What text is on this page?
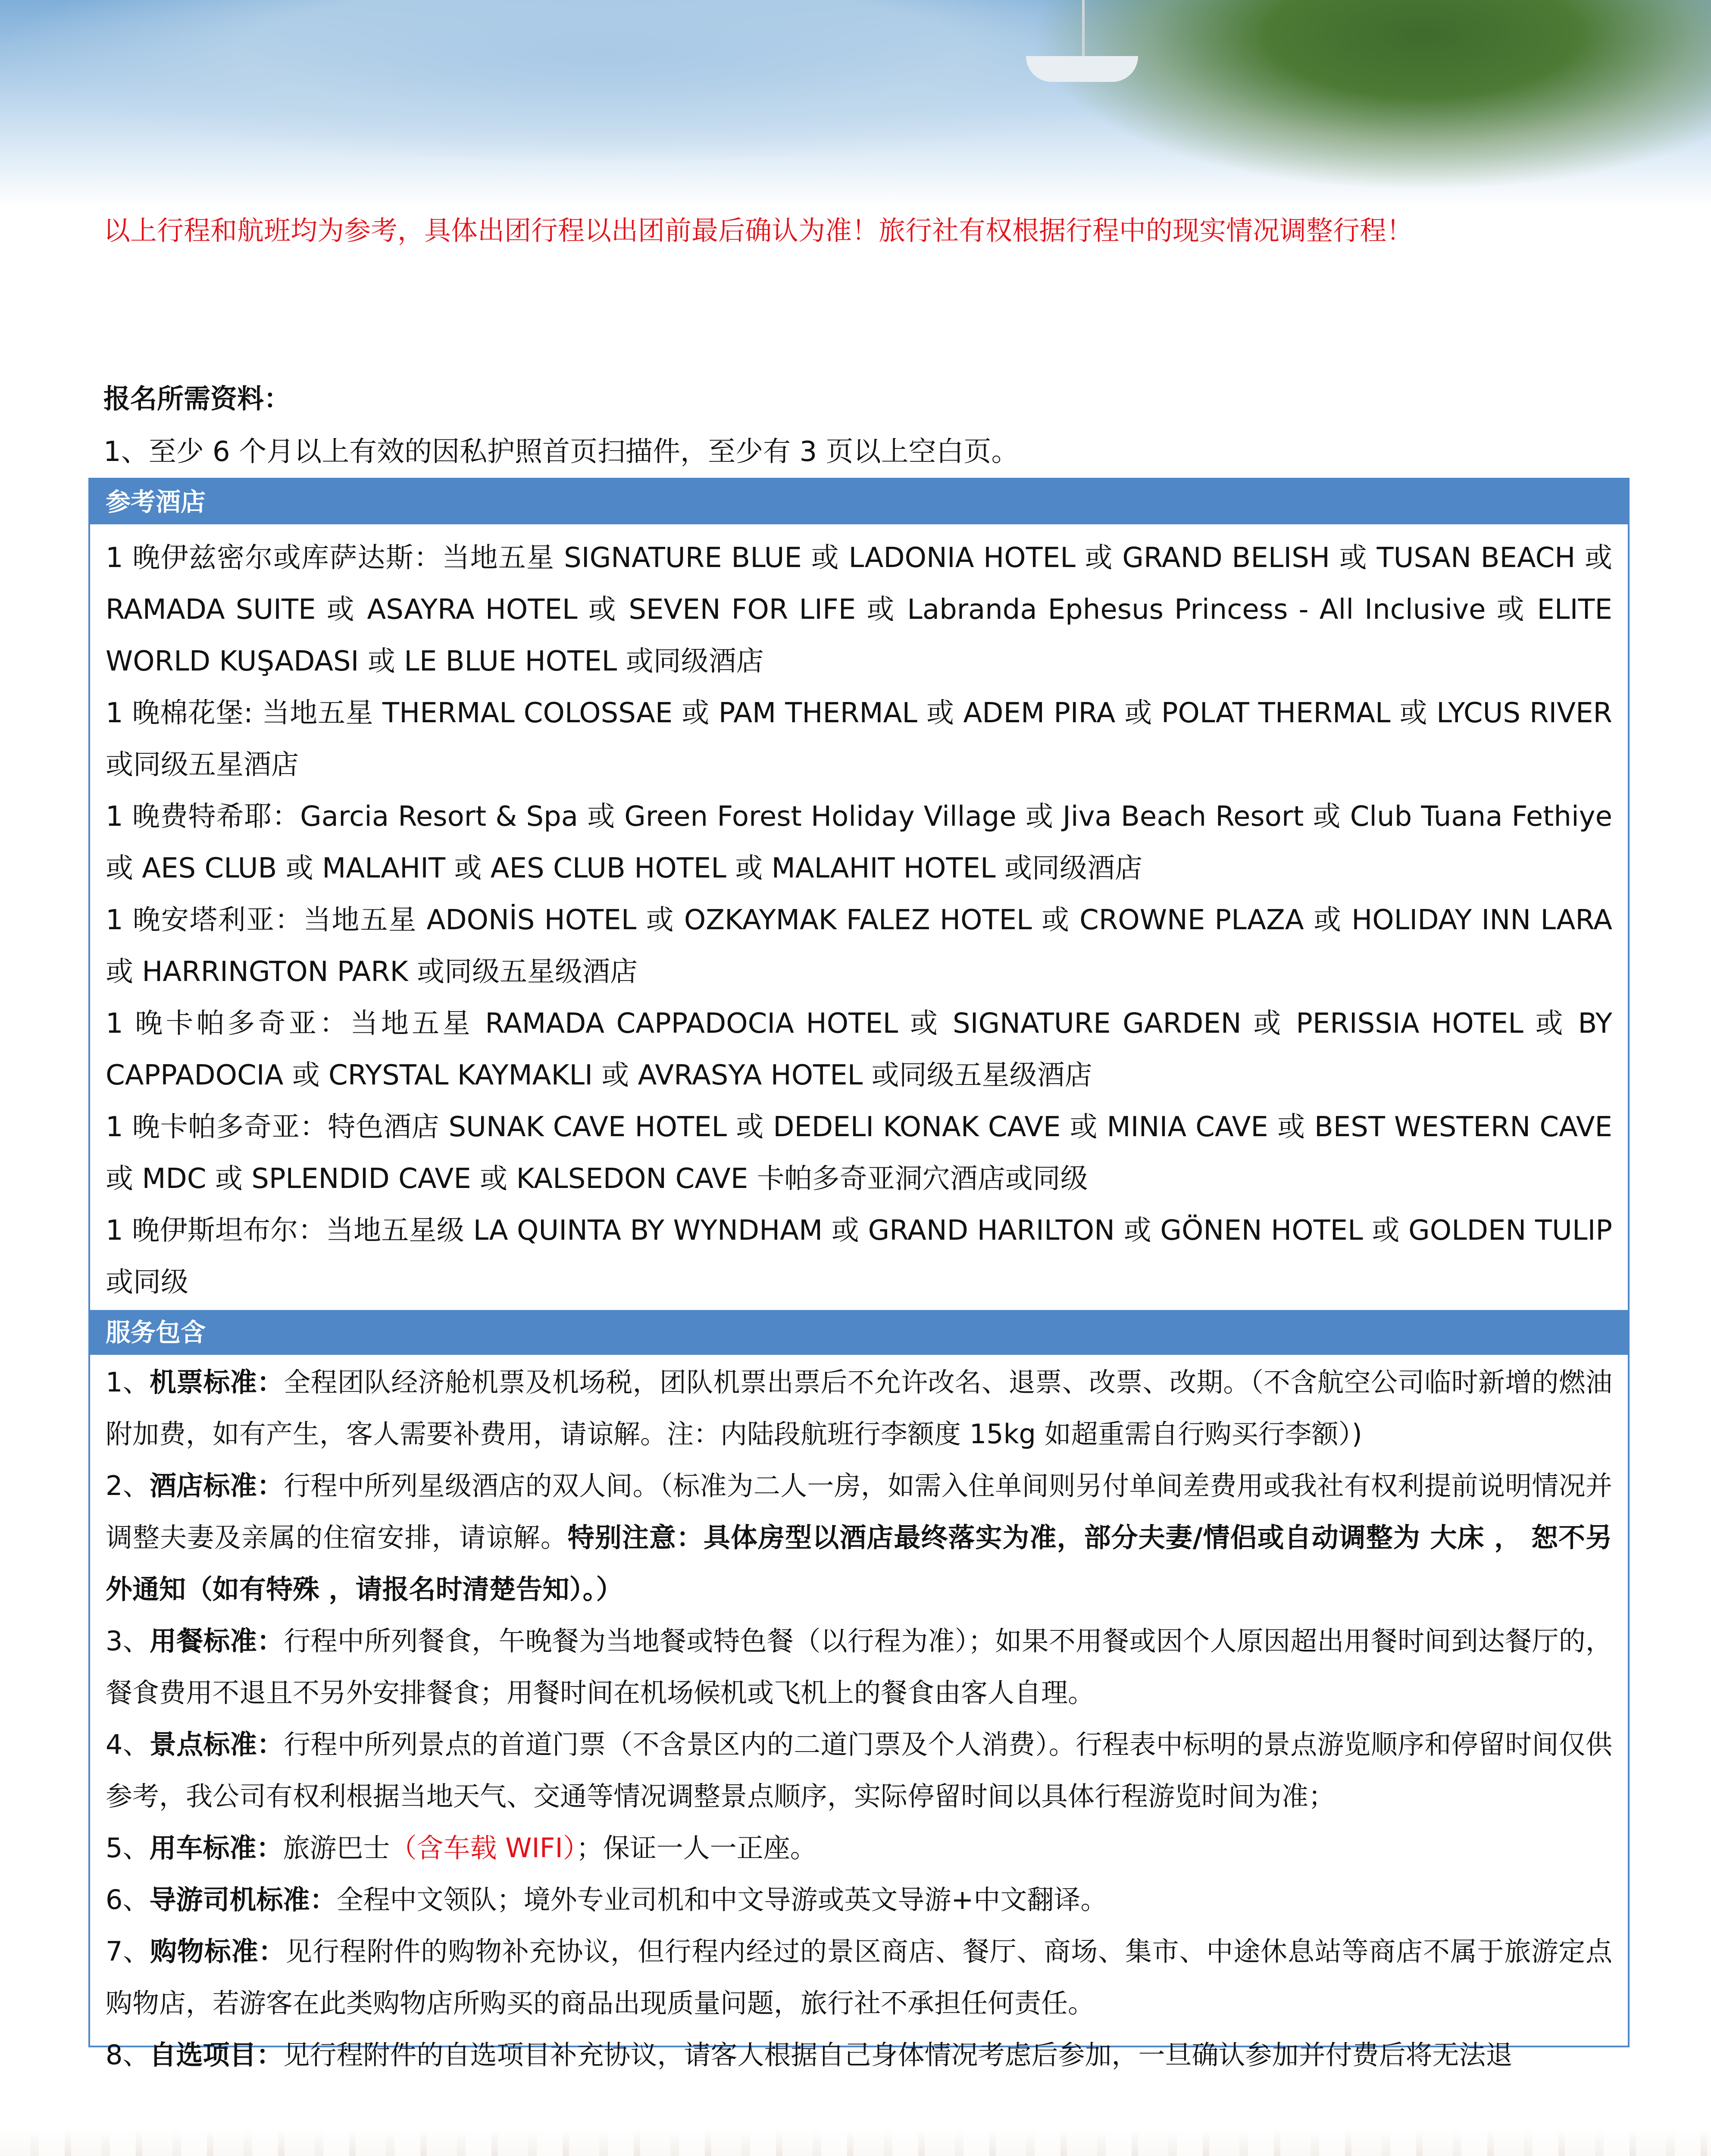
以上行程和航班均为参考，具体出团行程以出团前最后确认为准！旅行社有权根据行程中的现实情况调整行程！
报名所需资料：
1、至少 6 个月以上有效的因私护照首页扫描件，至少有 3 页以上空白页。
参考酒店
1 晚伊兹密尔或库萨达斯：当地五星 SIGNATURE BLUE 或 LADONIA HOTEL 或 GRAND BELISH 或 TUSAN BEACH 或 RAMADA SUITE 或 ASAYRA HOTEL 或 SEVEN FOR LIFE 或 Labranda Ephesus Princess - All Inclusive 或 ELITE WORLD KUŞADASI 或 LE BLUE HOTEL 或同级酒店
1 晚棉花堡: 当地五星 THERMAL COLOSSAE 或 PAM THERMAL 或 ADEM PIRA 或 POLAT THERMAL 或 LYCUS RIVER 或同级五星酒店
1 晚费特希耶：Garcia Resort & Spa 或 Green Forest Holiday Village 或 Jiva Beach Resort 或 Club Tuana Fethiye 或 AES CLUB 或 MALAHIT 或 AES CLUB HOTEL 或 MALAHIT HOTEL 或同级酒店
1 晚安塔利亚：当地五星 ADONİS HOTEL 或 OZKAYMAK FALEZ HOTEL 或 CROWNE PLAZA 或 HOLIDAY INN LARA 或 HARRINGTON PARK 或同级五星级酒店
1 晚卡帕多奇亚：当地五星 RAMADA CAPPADOCIA HOTEL 或 SIGNATURE GARDEN 或 PERISSIA HOTEL 或 BY CAPPADOCIA 或 CRYSTAL KAYMAKLI 或 AVRASYA HOTEL 或同级五星级酒店
1 晚卡帕多奇亚：特色酒店 SUNAK CAVE HOTEL 或 DEDELI KONAK CAVE 或 MINIA CAVE 或 BEST WESTERN CAVE 或 MDC 或 SPLENDID CAVE 或 KALSEDON CAVE 卡帕多奇亚洞穴酒店或同级
1 晚伊斯坦布尔：当地五星级 LA QUINTA BY WYNDHAM 或 GRAND HARILTON 或 GÖNEN HOTEL 或 GOLDEN TULIP 或同级
服务包含
1、机票标准：全程团队经济舱机票及机场税，团队机票出票后不允许改名、退票、改票、改期。（不含航空公司临时新增的燃油附加费，如有产生，客人需要补费用，请谅解。注：内陆段航班行李额度 15kg 如超重需自行购买行李额）)
2、酒店标准：行程中所列星级酒店的双人间。（标准为二人一房，如需入住单间则另付单间差费用或我社有权利提前说明情况并调整夫妻及亲属的住宿安排，请谅解。特别注意：具体房型以酒店最终落实为准，部分夫妻/情侣或自动调整为 大床 ， 恕不另外通知（如有特殊 ，请报名时清楚告知）。）
3、用餐标准：行程中所列餐食，午晚餐为当地餐或特色餐（以行程为准）；如果不用餐或因个人原因超出用餐时间到达餐厅的，餐食费用不退且不另外安排餐食；用餐时间在机场候机或飞机上的餐食由客人自理。
4、景点标准：行程中所列景点的首道门票（不含景区内的二道门票及个人消费）。行程表中标明的景点游览顺序和停留时间仅供参考，我公司有权利根据当地天气、交通等情况调整景点顺序，实际停留时间以具体行程游览时间为准；
5、用车标准：旅游巴士（含车载 WIFI）；保证一人一正座。
6、导游司机标准：全程中文领队；境外专业司机和中文导游或英文导游+中文翻译。
7、购物标准：见行程附件的购物补充协议，但行程内经过的景区商店、餐厅、商场、集市、中途休息站等商店不属于旅游定点购物店，若游客在此类购物店所购买的商品出现质量问题，旅行社不承担任何责任。
8、自选项目：见行程附件的自选项目补充协议，请客人根据自己身体情况考虑后参加，一旦确认参加并付费后将无法退
